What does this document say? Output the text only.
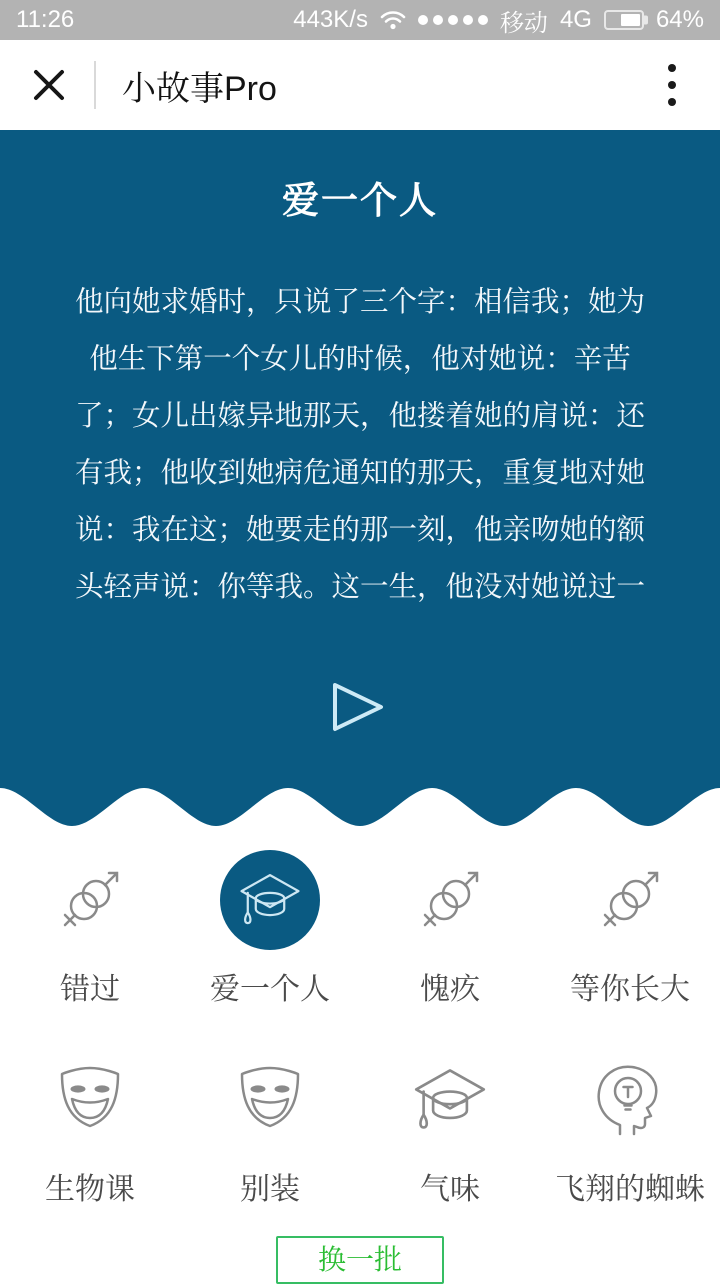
11:26	443K/s	移动 4G	64%
小故事Pro
爱一个人
他向她求婚时，只说了三个字：相信我；她为他生下第一个女儿的时候，他对她说：辛苦了；女儿出嫁异地那天，他搂着她的肩说：还有我；他收到她病危通知的那天，重复地对她说：我在这；她要走的那一刻，他亲吻她的额头轻声说：你等我。这一生，他没对她说过一
错过	爱一个人	愧疚	等你长大
生物课	别装	气味	飞翔的蜘蛛
换一批
